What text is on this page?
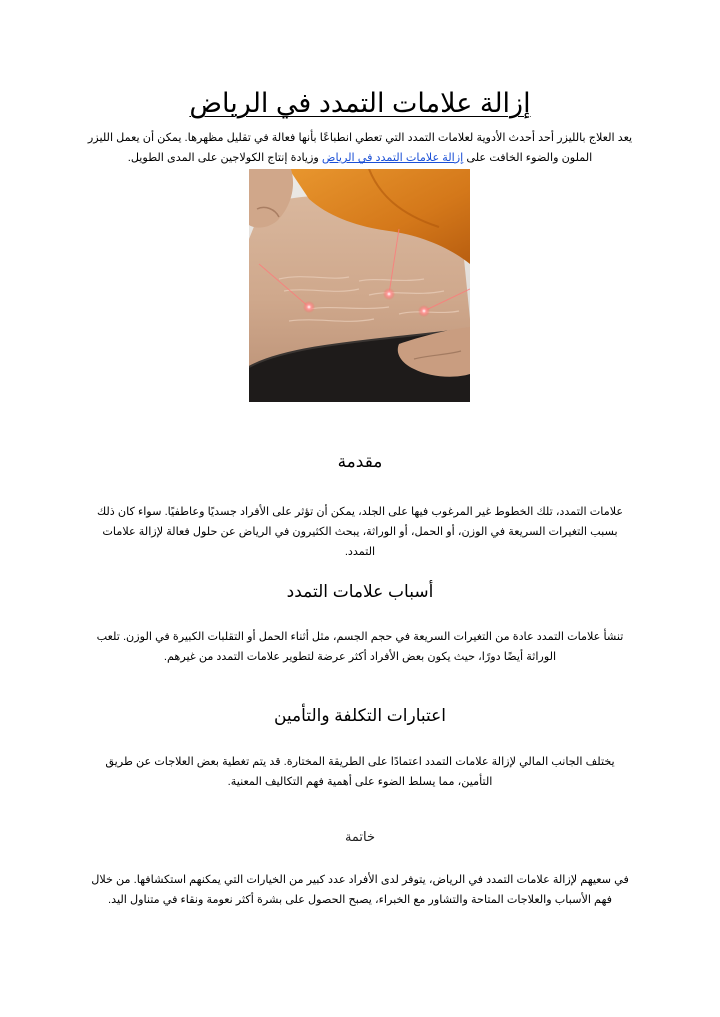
إزالة علامات التمدد في الرياض

يعد العلاج بالليزر أحد أحدث الأدوية لعلامات التمدد التي تعطي انطباعًا بأنها فعالة في تقليل مظهرها. يمكن أن يعمل الليزر الملون والضوء الخافت على إزالة علامات التمدد في الرياض وزيادة إنتاج الكولاجين على المدى الطويل.

مقدمة

علامات التمدد، تلك الخطوط غير المرغوب فيها على الجلد، يمكن أن تؤثر على الأفراد جسديًا وعاطفيًا. سواء كان ذلك بسبب التغيرات السريعة في الوزن، أو الحمل، أو الوراثة، يبحث الكثيرون في الرياض عن حلول فعالة لإزالة علامات التمدد.

أسباب علامات التمدد

تنشأ علامات التمدد عادة من التغيرات السريعة في حجم الجسم، مثل أثناء الحمل أو التقلبات الكبيرة في الوزن. تلعب الوراثة أيضًا دورًا، حيث يكون بعض الأفراد أكثر عرضة لتطوير علامات التمدد من غيرهم.

اعتبارات التكلفة والتأمين

يختلف الجانب المالي لإزالة علامات التمدد اعتمادًا على الطريقة المختارة. قد يتم تغطية بعض العلاجات عن طريق التأمين، مما يسلط الضوء على أهمية فهم التكاليف المعنية.

خاتمة

في سعيهم لإزالة علامات التمدد في الرياض، يتوفر لدى الأفراد عدد كبير من الخيارات التي يمكنهم استكشافها. من خلال فهم الأسباب والعلاجات المتاحة والتشاور مع الخبراء، يصبح الحصول على بشرة أكثر نعومة ونقاء في متناول اليد.
